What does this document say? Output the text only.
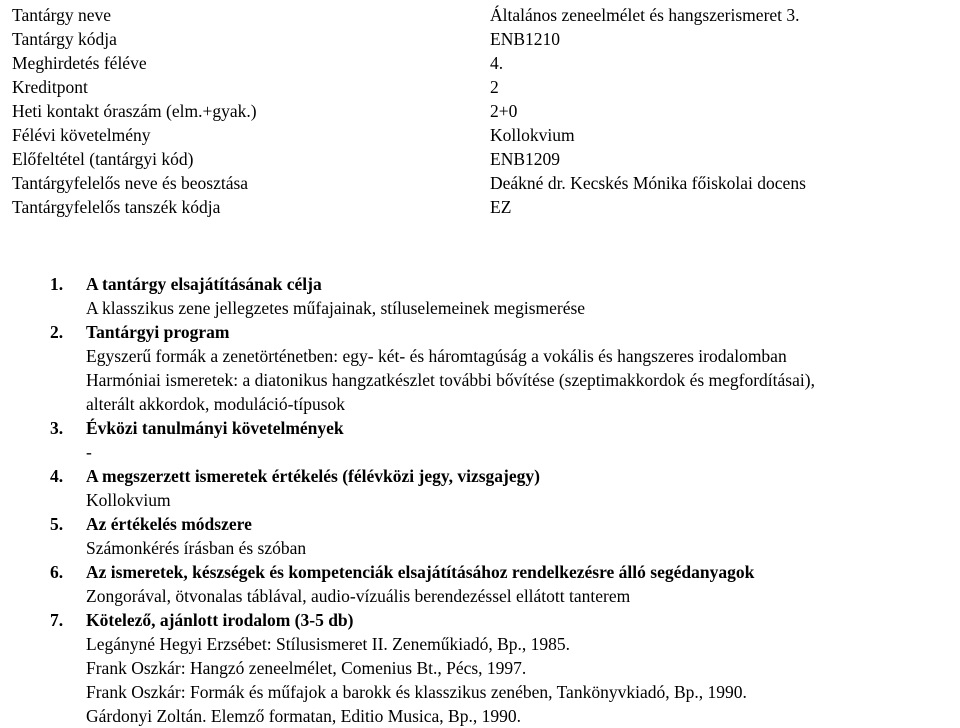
Tantárgy neve	Általános zeneelmélet és hangszerismeret 3.
Tantárgy kódja	ENB1210
Meghirdetés féléve	4.
Kreditpont	2
Heti kontakt óraszám (elm.+gyak.)	2+0
Félévi követelmény	Kollokvium
Előfeltétel (tantárgyi kód)	ENB1209
Tantárgyfelelős neve és beosztása	Deákné dr. Kecskés Mónika főiskolai docens
Tantárgyfelelős tanszék kódja	EZ
1. A tantárgy elsajátításának célja
A klasszikus zene jellegzetes műfajainak, stíluselemeinek megismerése
2. Tantárgyi program
Egyszerű formák a zenetörténetben: egy- két- és háromtagúság a vokális és hangszeres irodalomban
Harmóniai ismeretek: a diatonikus hangzatkészlet további bővítése (szeptimakkordok és megfordításai),
alterált akkordok, moduláció-típusok
3. Évközi tanulmányi követelmények
-
4. A megszerzett ismeretek értékelés (félévközi jegy, vizsgajegy)
Kollokvium
5. Az értékelés módszere
Számonkérés írásban és szóban
6. Az ismeretek, készségek és kompetenciák elsajátításához rendelkezésre álló segédanyagok
Zongorával, ötvonalas táblával, audio-vízuális berendezéssel ellátott tanterem
7. Kötelező, ajánlott irodalom (3-5 db)
Legányné Hegyi Erzsébet: Stílusismeret II. Zeneműkiadó, Bp., 1985.
Frank Oszkár: Hangzó zeneelmélet, Comenius Bt., Pécs, 1997.
Frank Oszkár: Formák és műfajok a barokk és klasszikus zenében, Tankönyvkiadó, Bp., 1990.
Gárdonyi Zoltán. Elemző formatan, Editio Musica, Bp., 1990.
